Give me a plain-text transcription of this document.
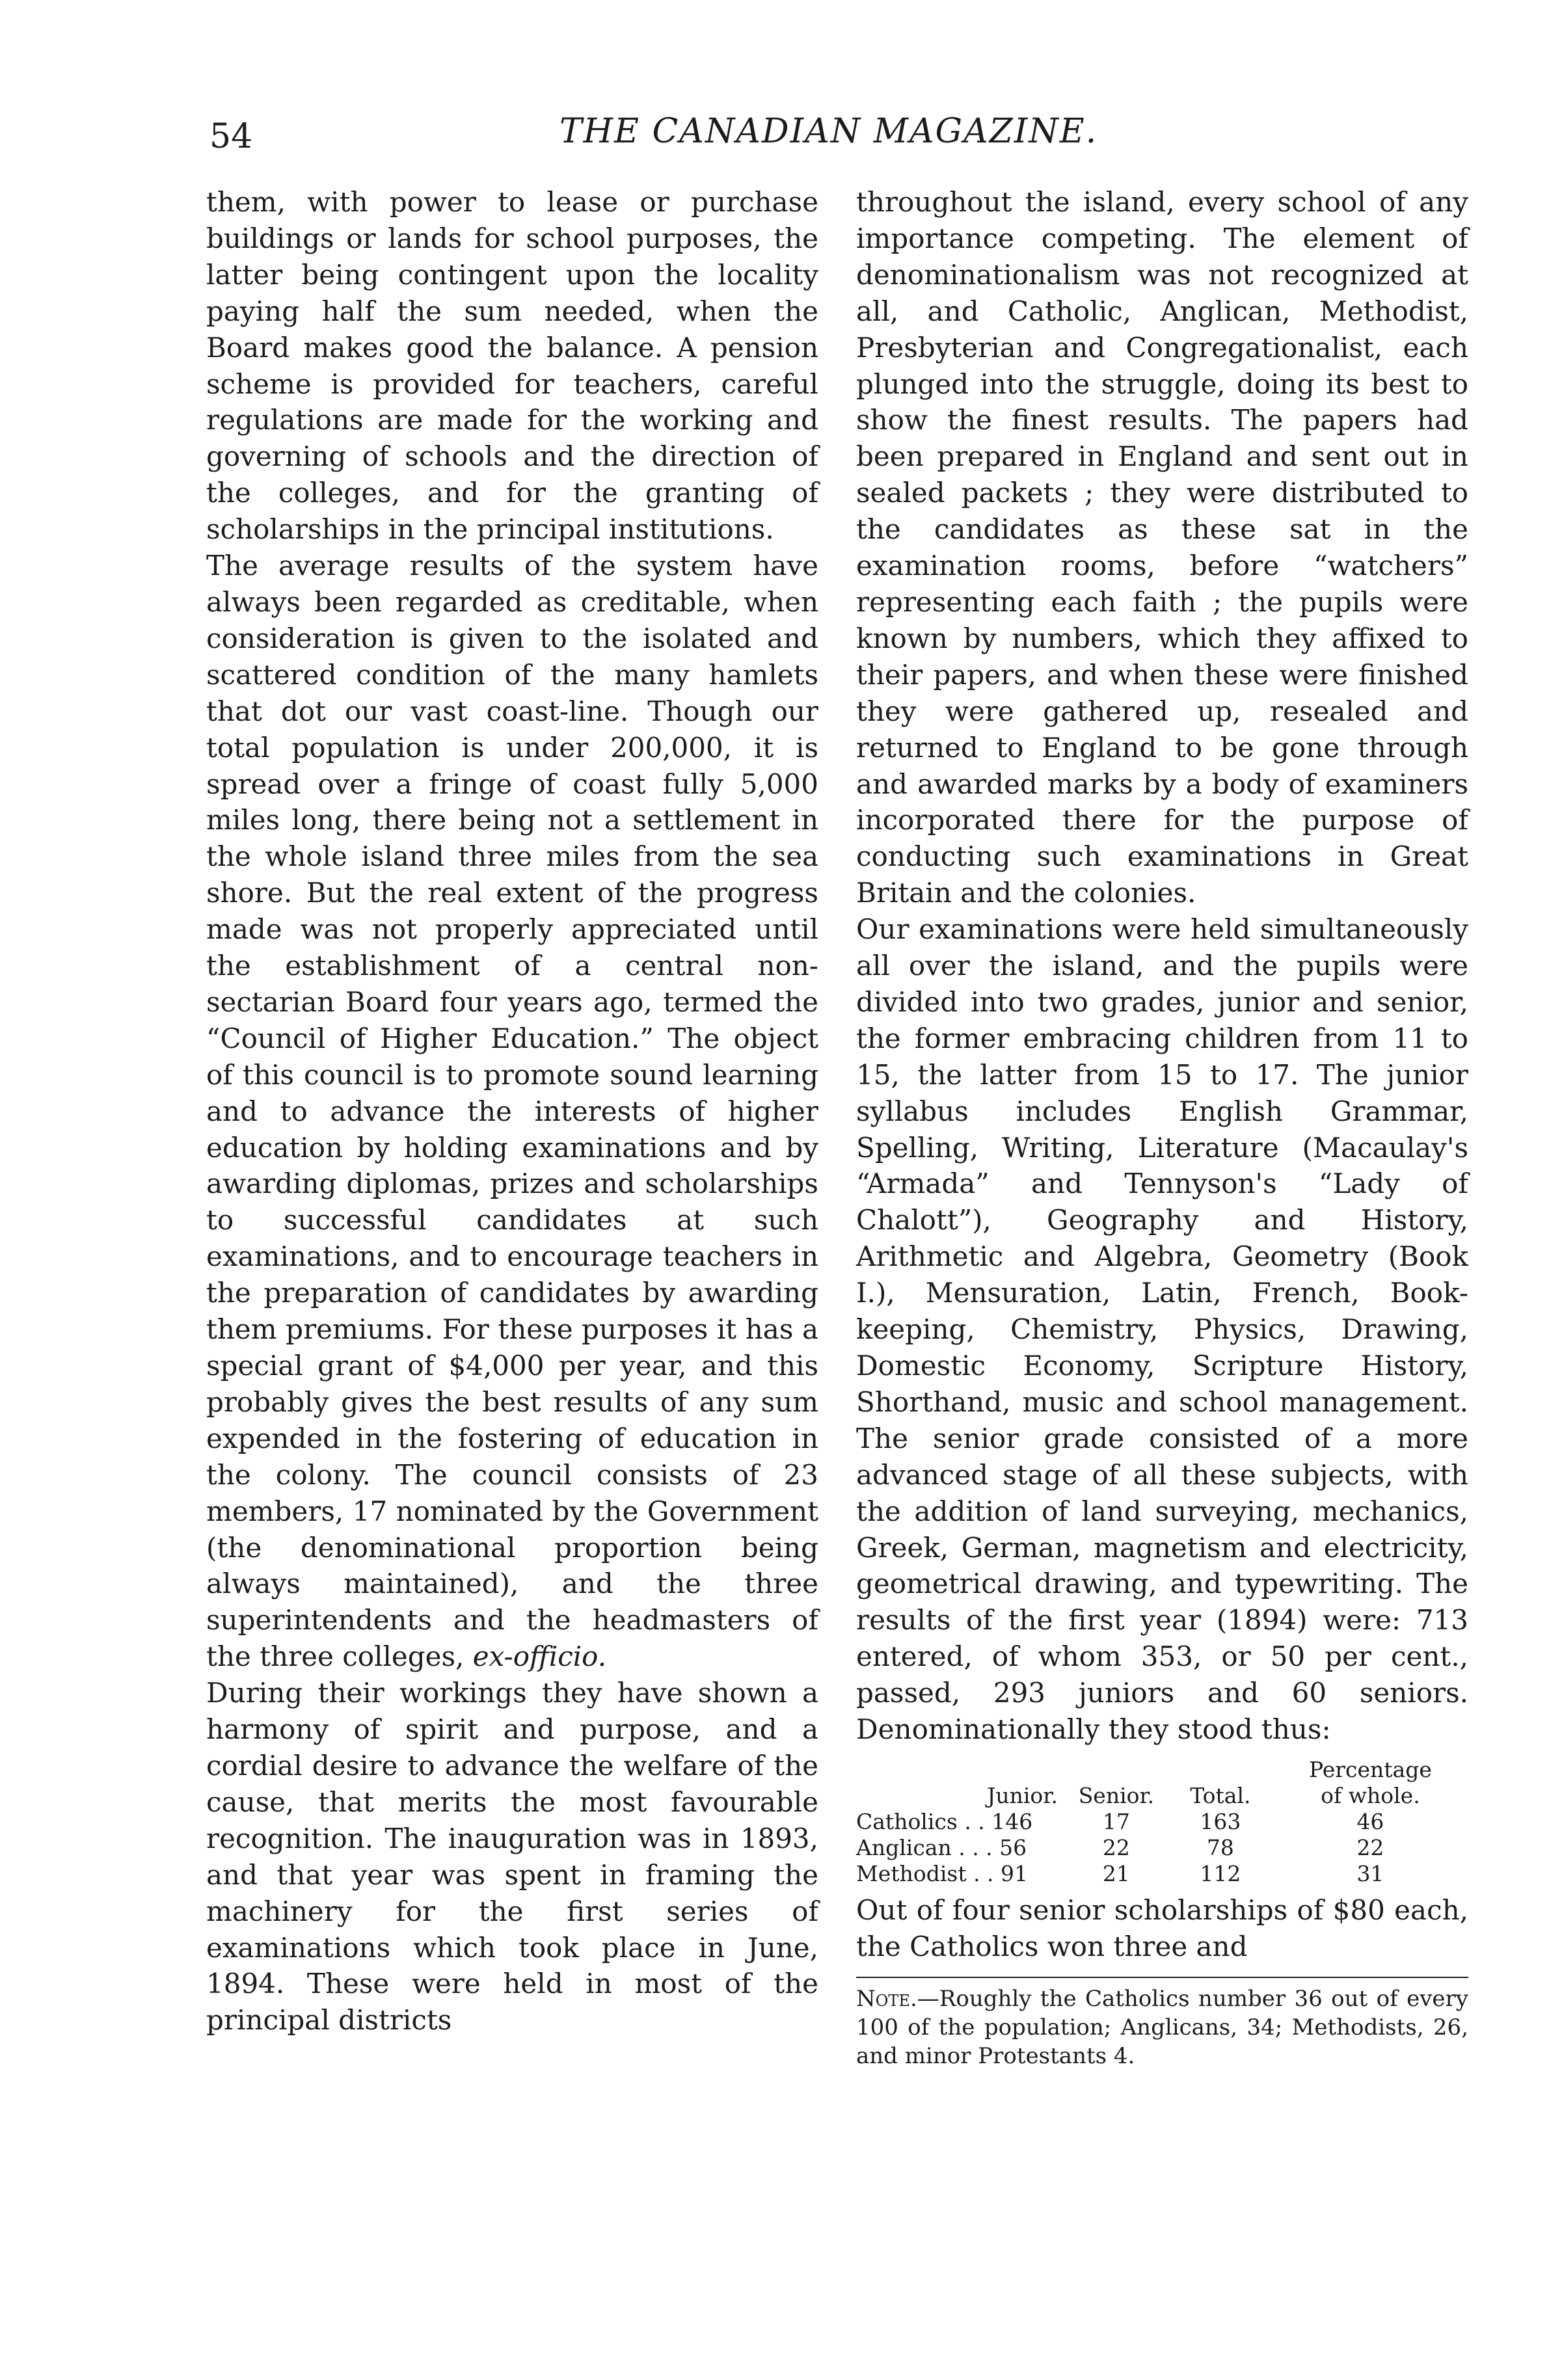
54	THE CANADIAN MAGAZINE.

them, with power to lease or purchase buildings or lands for school purposes, the latter being contingent upon the locality paying half the sum needed, when the Board makes good the balance. A pension scheme is provided for teachers, careful regulations are made for the working and governing of schools and the direction of the colleges, and for the granting of scholarships in the principal institutions.

The average results of the system have always been regarded as creditable, when consideration is given to the isolated and scattered condition of the many hamlets that dot our vast coast-line. Though our total population is under 200,000, it is spread over a fringe of coast fully 5,000 miles long, there being not a settlement in the whole island three miles from the sea shore. But the real extent of the progress made was not properly appreciated until the establishment of a central non-sectarian Board four years ago, termed the “Council of Higher Education.” The object of this council is to promote sound learning and to advance the interests of higher education by holding examinations and by awarding diplomas, prizes and scholarships to successful candidates at such examinations, and to encourage teachers in the preparation of candidates by awarding them premiums. For these purposes it has a special grant of $4,000 per year, and this probably gives the best results of any sum expended in the fostering of education in the colony. The council consists of 23 members, 17 nominated by the Government (the denominational proportion being always maintained), and the three superintendents and the headmasters of the three colleges, ex-officio.

During their workings they have shown a harmony of spirit and purpose, and a cordial desire to advance the welfare of the cause, that merits the most favourable recognition. The inauguration was in 1893, and that year was spent in framing the machinery for the first series of examinations which took place in June, 1894. These were held in most of the principal districts

throughout the island, every school of any importance competing. The element of denominationalism was not recognized at all, and Catholic, Anglican, Methodist, Presbyterian and Congregationalist, each plunged into the struggle, doing its best to show the finest results. The papers had been prepared in England and sent out in sealed packets ; they were distributed to the candidates as these sat in the examination rooms, before “watchers” representing each faith ; the pupils were known by numbers, which they affixed to their papers, and when these were finished they were gathered up, resealed and returned to England to be gone through and awarded marks by a body of examiners incorporated there for the purpose of conducting such examinations in Great Britain and the colonies.

Our examinations were held simultaneously all over the island, and the pupils were divided into two grades, junior and senior, the former embracing children from 11 to 15, the latter from 15 to 17. The junior syllabus includes English Grammar, Spelling, Writing, Literature (Macaulay's “Armada” and Tennyson's “Lady of Chalott”), Geography and History, Arithmetic and Algebra, Geometry (Book I.), Mensuration, Latin, French, Book-keeping, Chemistry, Physics, Drawing, Domestic Economy, Scripture History, Shorthand, music and school management. The senior grade consisted of a more advanced stage of all these subjects, with the addition of land surveying, mechanics, Greek, German, magnetism and electricity, geometrical drawing, and typewriting. The results of the first year (1894) were: 713 entered, of whom 353, or 50 per cent., passed, 293 juniors and 60 seniors. Denominationally they stood thus:

Junior.	Senior.	Total.	Percentage
of whole.
Catholics . . 146	17	163	46
Anglican . . . 56	22	78	22
Methodist . . 91	21	112	31

Out of four senior scholarships of $80 each, the Catholics won three and

Note.—Roughly the Catholics number 36 out of every 100 of the population; Anglicans, 34; Methodists, 26, and minor Protestants 4.
